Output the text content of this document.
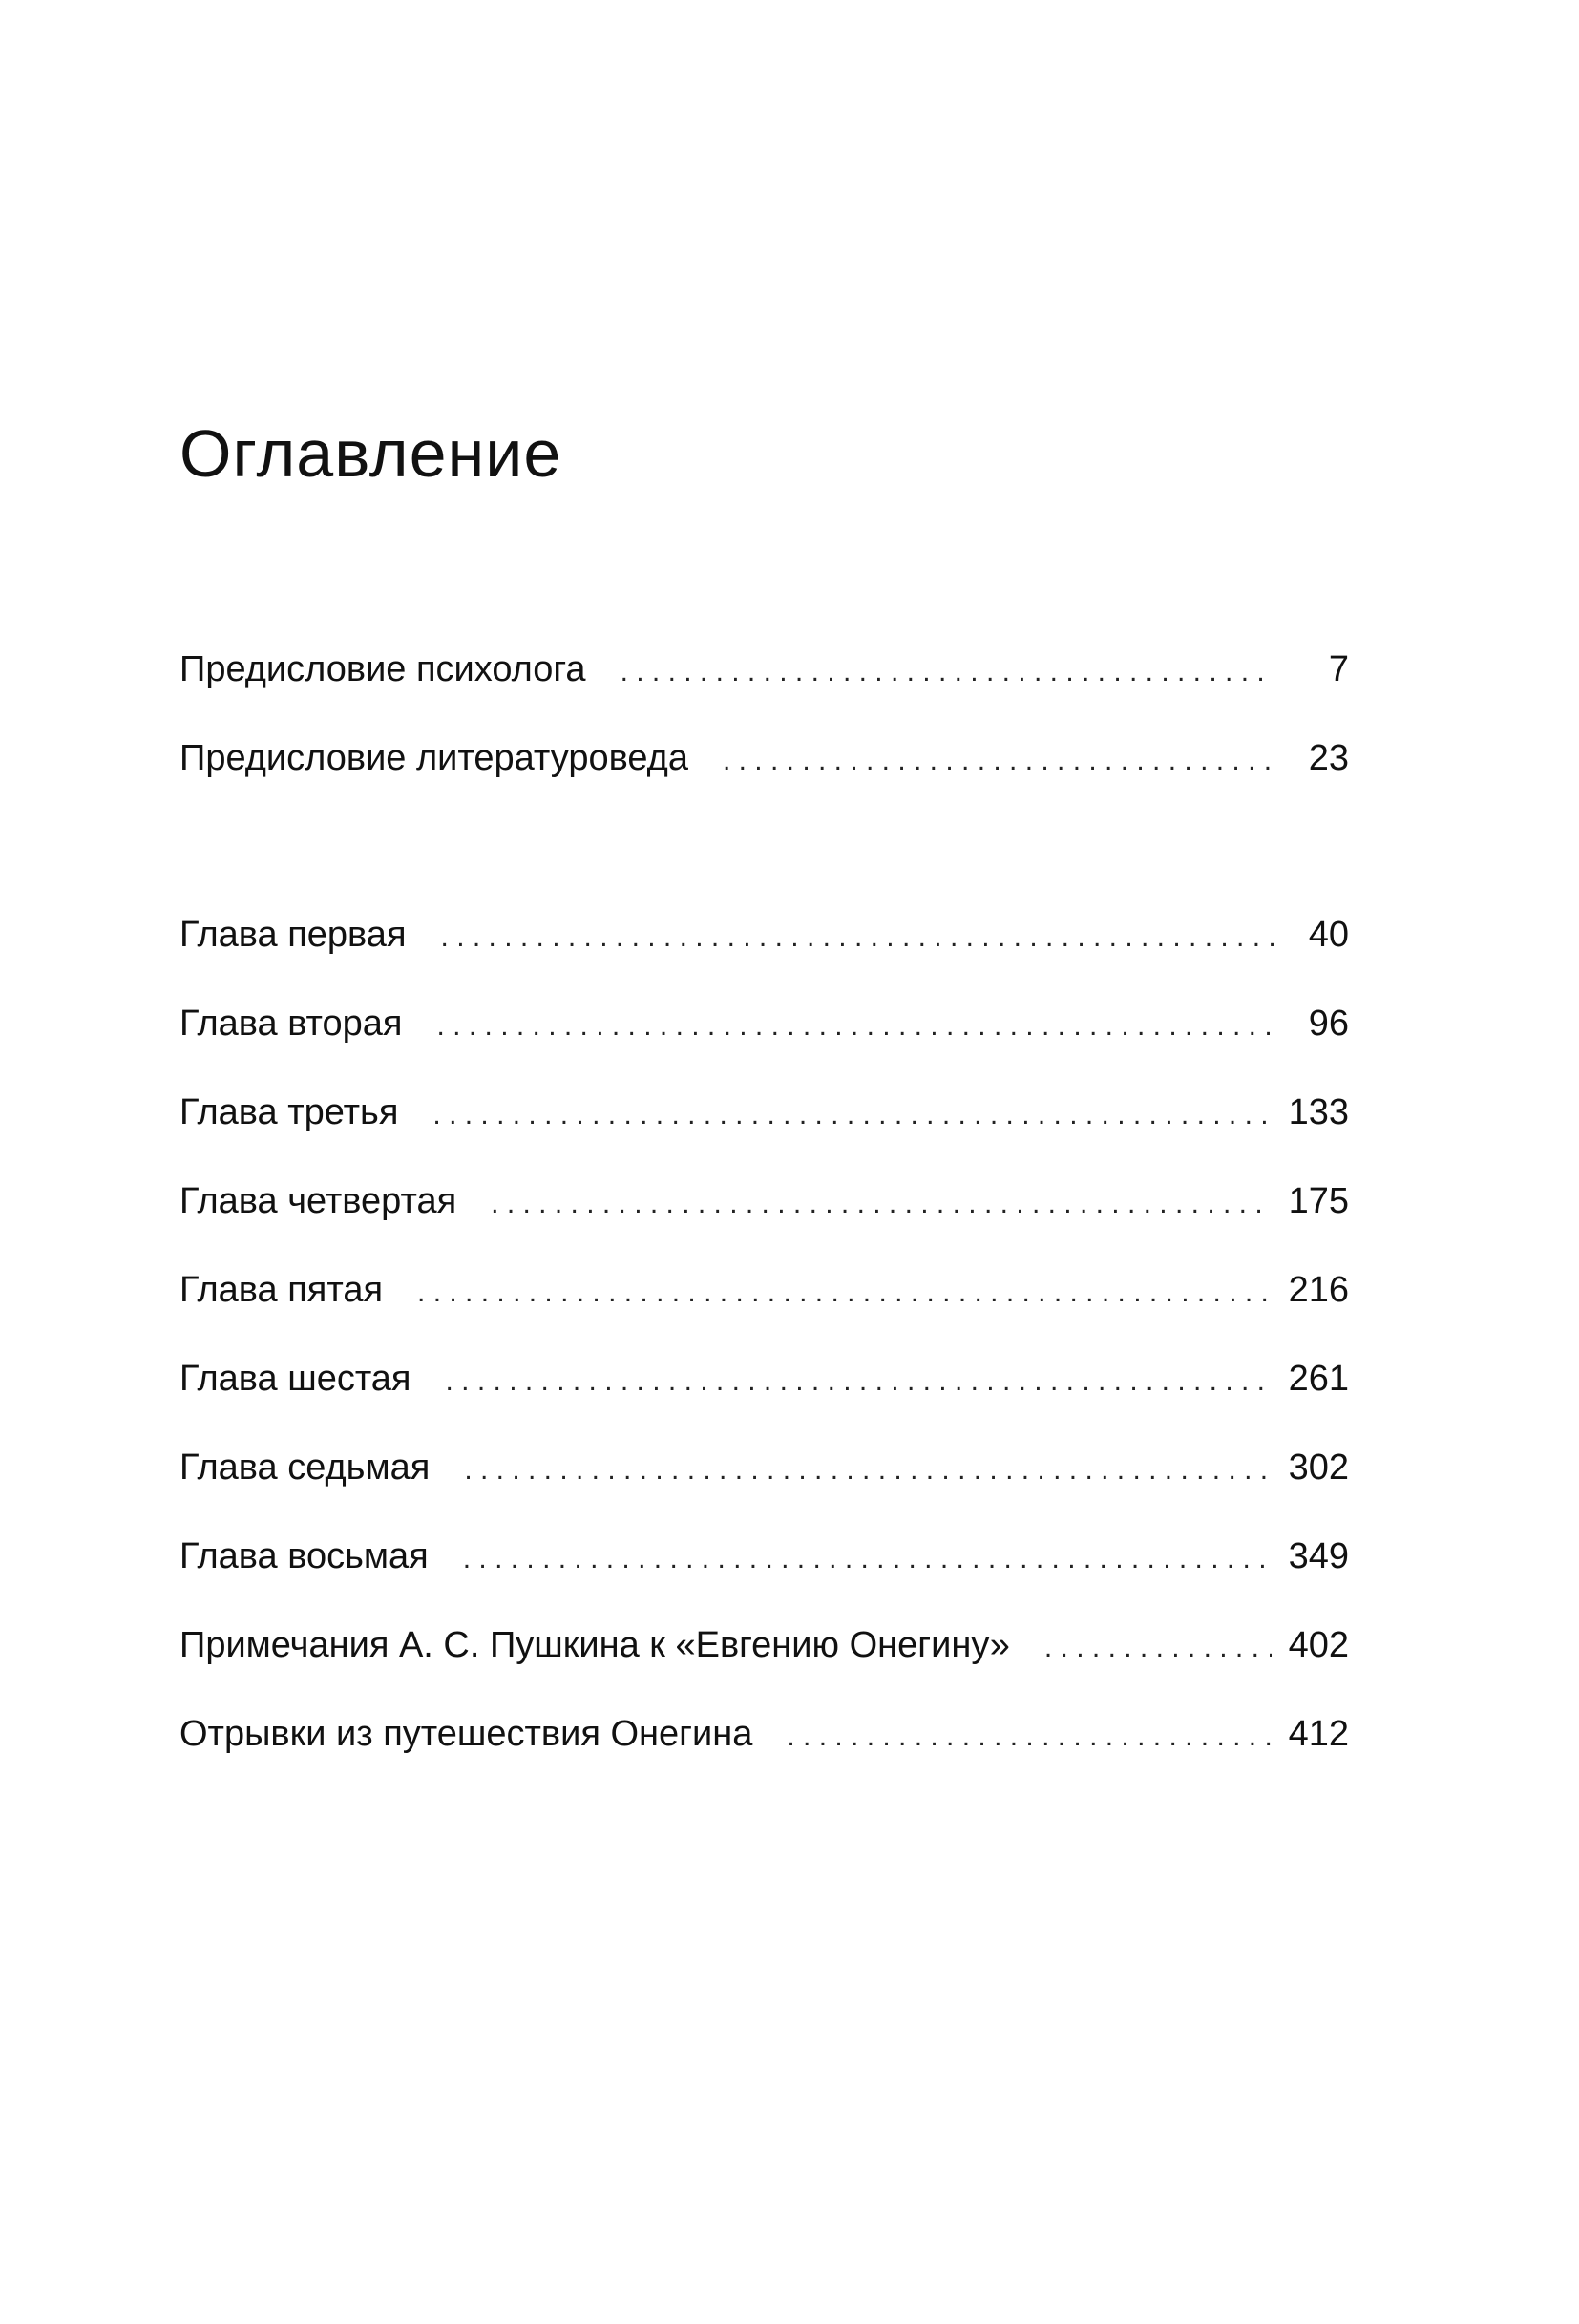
Оглавление
Предисловие психолога . . .	7
Предисловие литературоведа . . .	23
Глава первая . . .	40
Глава вторая . . .	96
Глава третья . . .	133
Глава четвертая . . .	175
Глава пятая . . .	216
Глава шестая . . .	261
Глава седьмая . . .	302
Глава восьмая . . .	349
Примечания А. С. Пушкина к «Евгению Онегину» . . .	402
Отрывки из путешествия Онегина . . .	412
